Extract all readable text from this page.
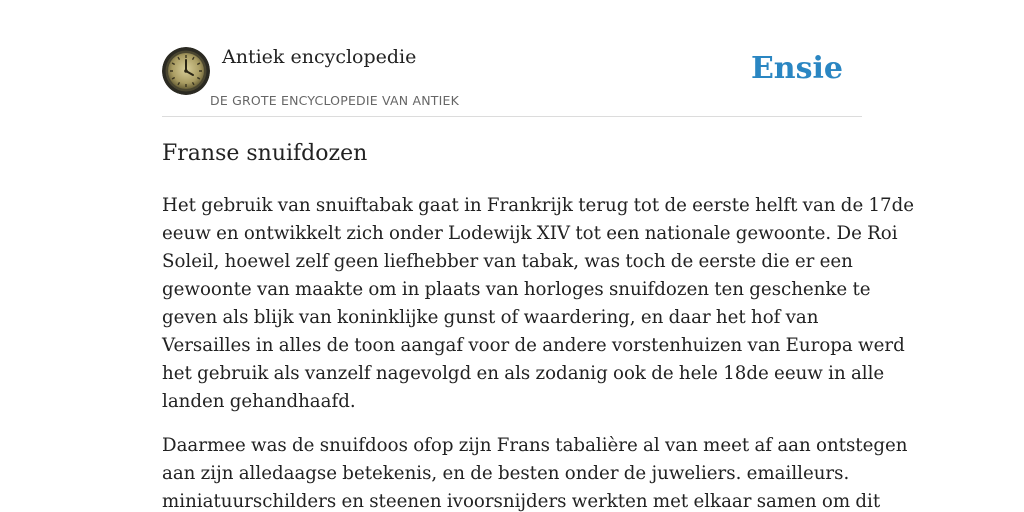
Antiek encyclopedie
DE GROTE ENCYCLOPEDIE VAN ANTIEK
Ensie
Franse snuifdozen

Het gebruik van snuiftabak gaat in Frankrijk terug tot de eerste helft van de 17de
eeuw en ontwikkelt zich onder Lodewijk XIV tot een nationale gewoonte. De Roi
Soleil, hoewel zelf geen liefhebber van tabak, was toch de eerste die er een
gewoonte van maakte om in plaats van horloges snuifdozen ten geschenke te
geven als blijk van koninklijke gunst of waardering, en daar het hof van
Versailles in alles de toon aangaf voor de andere vorstenhuizen van Europa werd
het gebruik als vanzelf nagevolgd en als zodanig ook de hele 18de eeuw in alle
landen gehandhaafd.

Daarmee was de snuifdoos ofop zijn Frans tabalière al van meet af aan ontstegen
aan zijn alledaagse betekenis, en de besten onder de juweliers. emailleurs.
miniatuurschilders en steenen ivoorsnijders werkten met elkaar samen om dit
